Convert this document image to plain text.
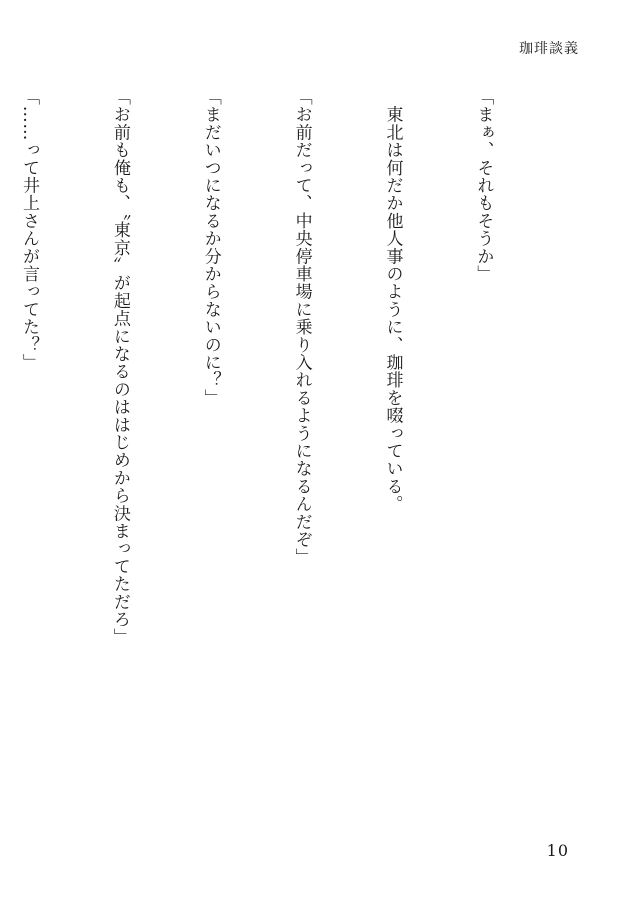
珈琲談義

「まぁ、それもそうか」

　東北は何だか他人事のように、珈琲を啜っている。

「お前だって、中央停車場に乗り入れるようになるんだぞ」

「まだいつになるか分からないのに？」

「お前も俺も、〝東京〟が起点になるのははじめから決まってただろ」

「……って井上さんが言ってた？」

10
